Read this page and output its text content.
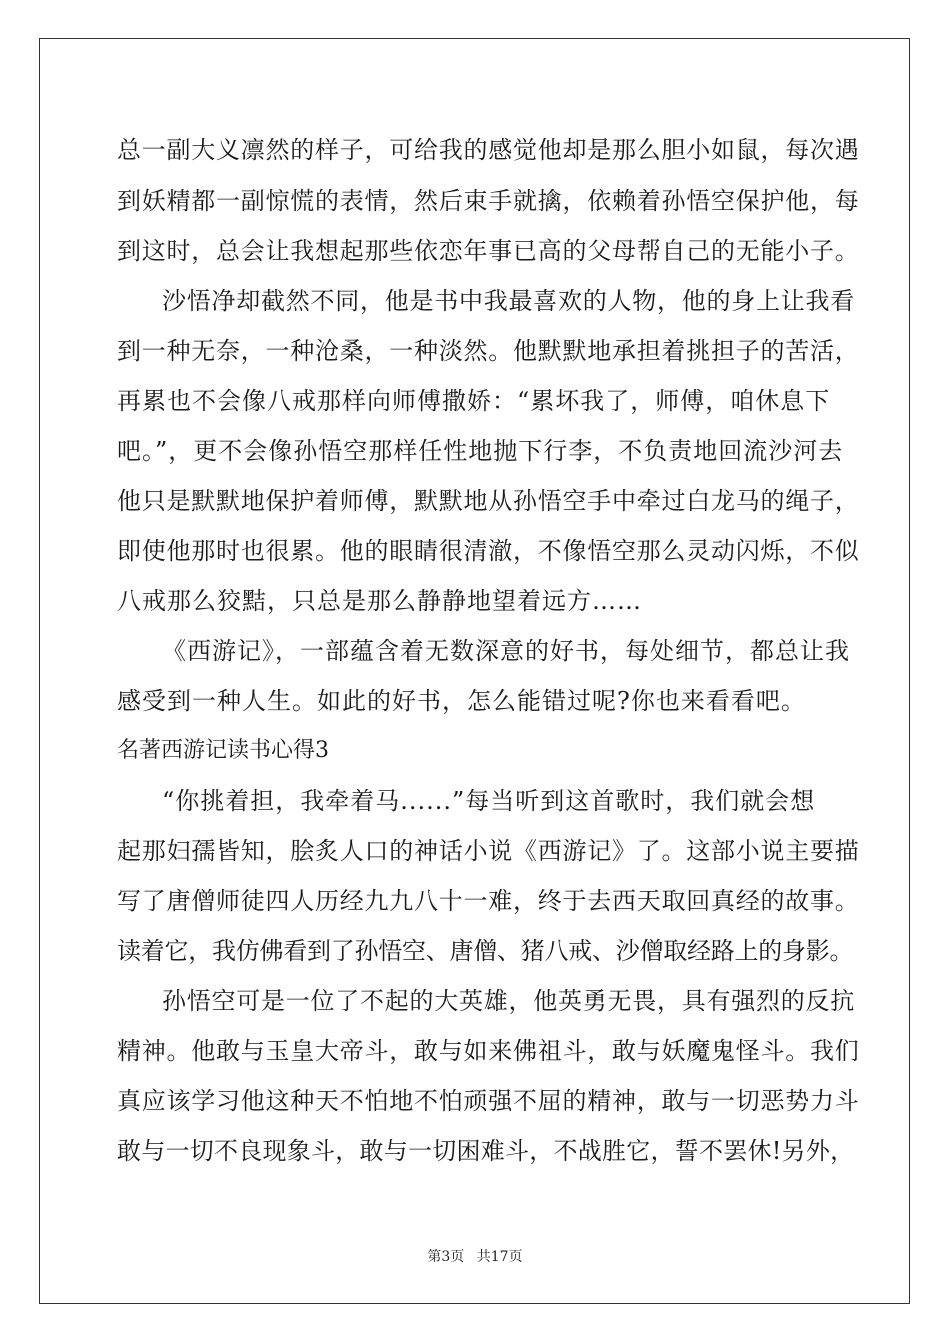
总一副大义凛然的样子，可给我的感觉他却是那么胆小如鼠，每次遇
到妖精都一副惊慌的表情，然后束手就擒，依赖着孙悟空保护他，每
到这时，总会让我想起那些依恋年事已高的父母帮自己的无能小子。
沙悟净却截然不同，他是书中我最喜欢的人物，他的身上让我看
到一种无奈，一种沧桑，一种淡然。他默默地承担着挑担子的苦活，
再累也不会像八戒那样向师傅撒娇：“累坏我了，师傅，咱休息下
吧。”，更不会像孙悟空那样任性地抛下行李，不负责地回流沙河去
他只是默默地保护着师傅，默默地从孙悟空手中牵过白龙马的绳子，
即使他那时也很累。他的眼睛很清澈，不像悟空那么灵动闪烁，不似
八戒那么狡黠，只总是那么静静地望着远方……
《西游记》，一部蕴含着无数深意的好书，每处细节，都总让我
感受到一种人生。如此的好书，怎么能错过呢?你也来看看吧。
名著西游记读书心得3
“你挑着担，我牵着马......”每当听到这首歌时，我们就会想
起那妇孺皆知，脍炙人口的神话小说《西游记》了。这部小说主要描
写了唐僧师徒四人历经九九八十一难，终于去西天取回真经的故事。
读着它，我仿佛看到了孙悟空、唐僧、猪八戒、沙僧取经路上的身影。
孙悟空可是一位了不起的大英雄，他英勇无畏，具有强烈的反抗
精神。他敢与玉皇大帝斗，敢与如来佛祖斗，敢与妖魔鬼怪斗。我们
真应该学习他这种天不怕地不怕顽强不屈的精神，敢与一切恶势力斗
敢与一切不良现象斗，敢与一切困难斗，不战胜它，誓不罢休!另外，
第3页 共17页
